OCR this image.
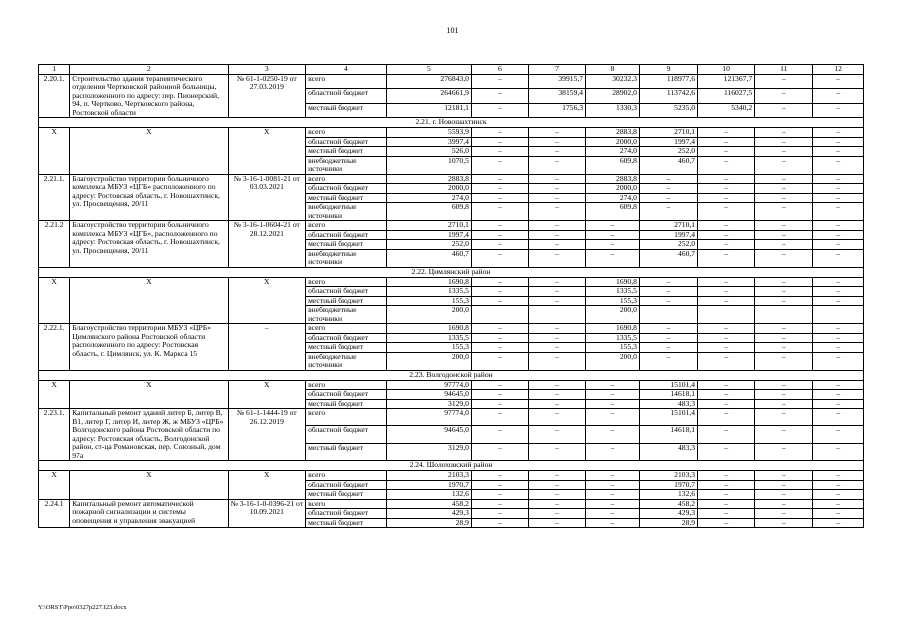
101
1	2	3	4	5	6	7	8	9	10	11	12
2.20.1.	Строительство здания терапевтического отделения Чертковской районной больницы, расположенного по адресу: пер. Пионерский, 94, п. Чертково, Чертковского района, Ростовской области	№ 61-1-0250-19 от 27.03.2019	всего	276843,0	–	39915,7	30232,3	118977,6	121367,7	–	–
			областной бюджет	264661,9	–	38159,4	28902,0	113742,6	116027,5	–	–
			местный бюджет	12181,1	–	1756,3	1330,3	5235,0	5340,2	–	–
2.21. г. Новошахтинск											
Х	Х	Х	всего	5593,9	–	–	2883,8	2710,1	–	–	–
			областной бюджет	3997,4	–	–	2000,0	1997,4	–	–	–
			местный бюджет	526,0	–	–	274,0	252,0	–	–	–
			внебюджетные источники	1070,5	–	–	609,8	460,7	–	–	–
2.21.1.	Благоустройство территории больничного комплекса МБУЗ «ЦГБ» расположенного по адресу: Ростовская область, г. Новошахтинск, ул. Просвещения, 20/11	№ 3-16-1-0081-21 от 03.03.2021	всего	2883,8	–	–	2883,8	–	–	–	–
			областной бюджет	2000,0	–	–	2000,0	–	–	–	–
			местный бюджет	274,0	–	–	274,0	–	–	–	–
			внебюджетные источники	609,8	–	–	609,8	–	–	–	–
2.21.2	Благоустройство территории больничного комплекса МБУЗ «ЦГБ», расположенного по адресу: Ростовская область, г. Новошахтинск, ул. Просвещения, 20/11	№ 3-16-1-0604-21 от 28.12.2021	всего	2710,1	–	–	–	2710,1	–	–	–
			областной бюджет	1997,4	–	–	–	1997,4	–	–	–
			местный бюджет	252,0	–	–	–	252,0	–	–	–
			внебюджетные источники	460,7	–	–	–	460,7	–	–	–
2.22. Цимлянский район											
Х	Х	Х	всего	1690,8	–	–	1690,8	–	–	–	–
			областной бюджет	1335,5	–	–	1335,5	–	–	–	–
			местный бюджет	155,3	–	–	155,3	–	–	–	–
			внебюджетные источники	200,0			200,0				
2.22.1.	Благоустройство территории МБУЗ «ЦРБ» Цимлянского района Ростовской области расположенного по адресу: Ростовская область, г. Цимлянск, ул. К. Маркса 15	–	всего	1690,8	–	–	1690,8	–	–	–	–
			областной бюджет	1335,5	–	–	1335,5	–	–	–	–
			местный бюджет	155,3	–	–	155,3	–	–	–	–
			внебюджетные источники	200,0	–	–	200,0	–	–	–	–
2.23. Волгодонской район											
Х	Х	Х	всего	97774,0	–	–	–	15101,4	–	–	–
			областной бюджет	94645,0	–	–	–	14618,1	–	–	–
			местный бюджет	3129,0	–	–	–	483,3	–	–	–
2.23.1.	Капитальный ремонт зданий литер Б, литер В, В1, литер Г, литер И, литер Ж, ж МБУЗ «ЦРБ» Волгодонского района Ростовской области по адресу: Ростовская область, Волгодонской район, ст-ца Романовская, пер. Союзный, дом 97а	№ 61-1-1444-19 от 26.12.2019	всего	97774,0	–	–	–	15101,4	–	–	–
			областной бюджет	94645,0	–	–	–	14618,1	–	–	–
			местный бюджет	3129,0	–	–	–	483,3	–	–	–
2.24. Шолоховский район											
Х	Х	Х	всего	2103,3	–	–	–	2103,3	–	–	–
			областной бюджет	1970,7	–	–	–	1970,7	–	–	–
			местный бюджет	132,6	–	–	–	132,6	–	–	–
2.24.1	Капитальный ремонт автоматической пожарной сигнализации и системы оповещения и управления эвакуацией	№ 3-16-1-0-0396-21 от 10.09.2021	всего	458,2	–	–	–	458,2	–	–	–
			областной бюджет	429,3	–	–	–	429,3	–	–	–
			местный бюджет	28,9	–	–	–	28,9	–	–	–
Y:\ORST\Ppo\0327p227.f23.docx
